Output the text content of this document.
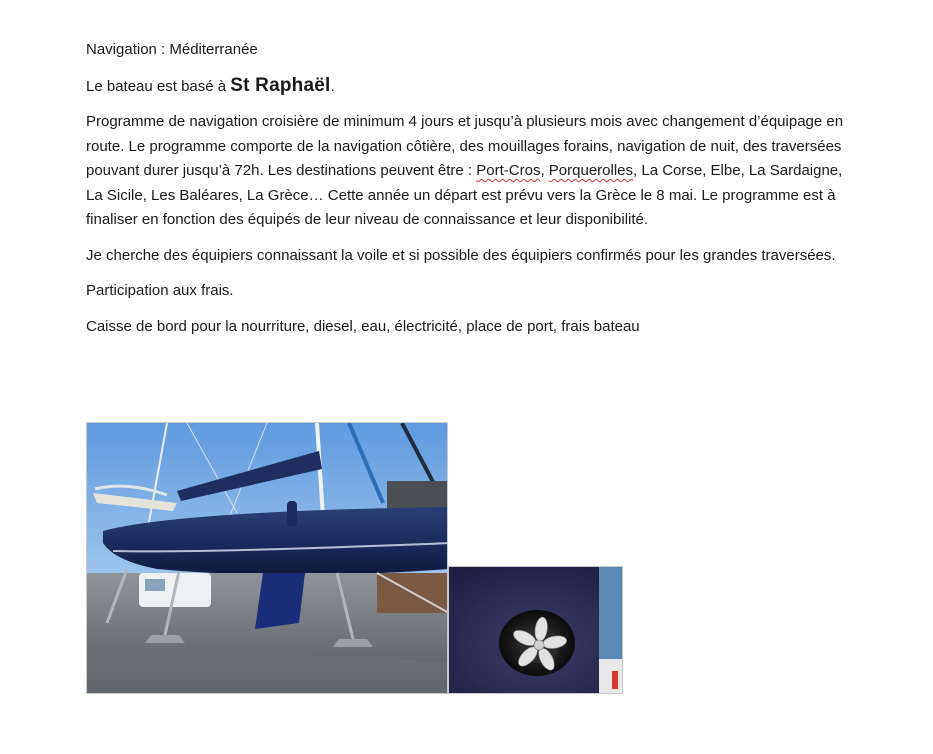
Navigation : Méditerranée

Le bateau est basé à St Raphaël.

Programme de navigation croisière de minimum 4 jours et jusqu’à plusieurs mois avec changement d’équipage en route. Le programme comporte de la navigation côtière, des mouillages forains, navigation de nuit, des traversées pouvant durer jusqu’à 72h. Les destinations peuvent être : Port-Cros, Porquerolles, La Corse, Elbe, La Sardaigne, La Sicile, Les Baléares, La Grèce… Cette année un départ est prévu vers la Grèce le 8 mai. Le programme est à finaliser en fonction des équipés de leur niveau de connaissance et leur disponibilité.

Je cherche des équipiers connaissant la voile et si possible des équipiers confirmés pour les grandes traversées.

Participation aux frais.

Caisse de bord pour la nourriture, diesel, eau, électricité, place de port, frais bateau
